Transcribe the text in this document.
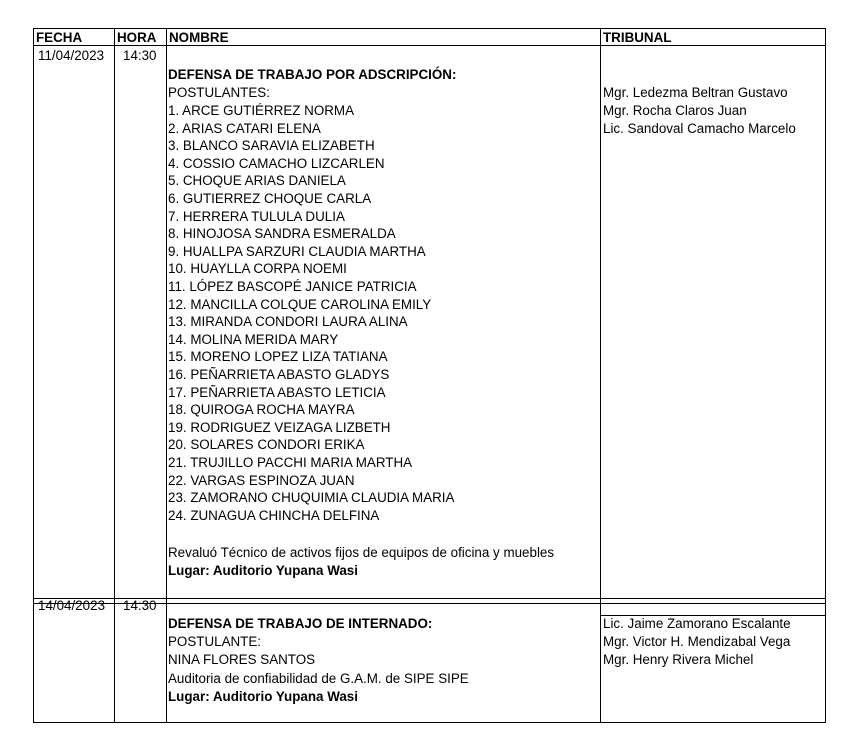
FECHA	HORA NOMBRE	TRIBUNAL
11/04/2023 14:30
DEFENSA DE TRABAJO POR ADSCRIPCIÓN:
POSTULANTES:
1. ARCE GUTIÉRREZ NORMA
2. ARIAS CATARI ELENA
3. BLANCO SARAVIA ELIZABETH
4. COSSIO CAMACHO LIZCARLEN
5. CHOQUE ARIAS DANIELA
6. GUTIERREZ CHOQUE CARLA
7. HERRERA TULULA DULIA
8. HINOJOSA SANDRA ESMERALDA
9. HUALLPA SARZURI CLAUDIA MARTHA
10. HUAYLLA CORPA NOEMI
11. LÓPEZ BASCOPÉ JANICE PATRICIA
12. MANCILLA COLQUE CAROLINA EMILY
13. MIRANDA CONDORI LAURA ALINA
14. MOLINA MERIDA MARY
15. MORENO LOPEZ LIZA TATIANA
16. PEÑARRIETA ABASTO GLADYS
17. PEÑARRIETA ABASTO LETICIA
18. QUIROGA ROCHA MAYRA
19. RODRIGUEZ VEIZAGA LIZBETH
20. SOLARES CONDORI ERIKA
21. TRUJILLO PACCHI MARIA MARTHA
22. VARGAS ESPINOZA JUAN
23. ZAMORANO CHUQUIMIA CLAUDIA MARIA
24. ZUNAGUA CHINCHA DELFINA
Revaluó Técnico de activos fijos de equipos de oficina y muebles
Lugar: Auditorio Yupana Wasi
Mgr. Ledezma Beltran Gustavo
Mgr. Rocha Claros Juan
Lic. Sandoval Camacho Marcelo
14/04/2023 14:30
DEFENSA DE TRABAJO DE INTERNADO:
POSTULANTE:
NINA FLORES SANTOS
Auditoria de confiabilidad de G.A.M. de SIPE SIPE
Lugar: Auditorio Yupana Wasi
Lic. Jaime Zamorano Escalante
Mgr. Victor H. Mendizabal Vega
Mgr. Henry Rivera Michel
